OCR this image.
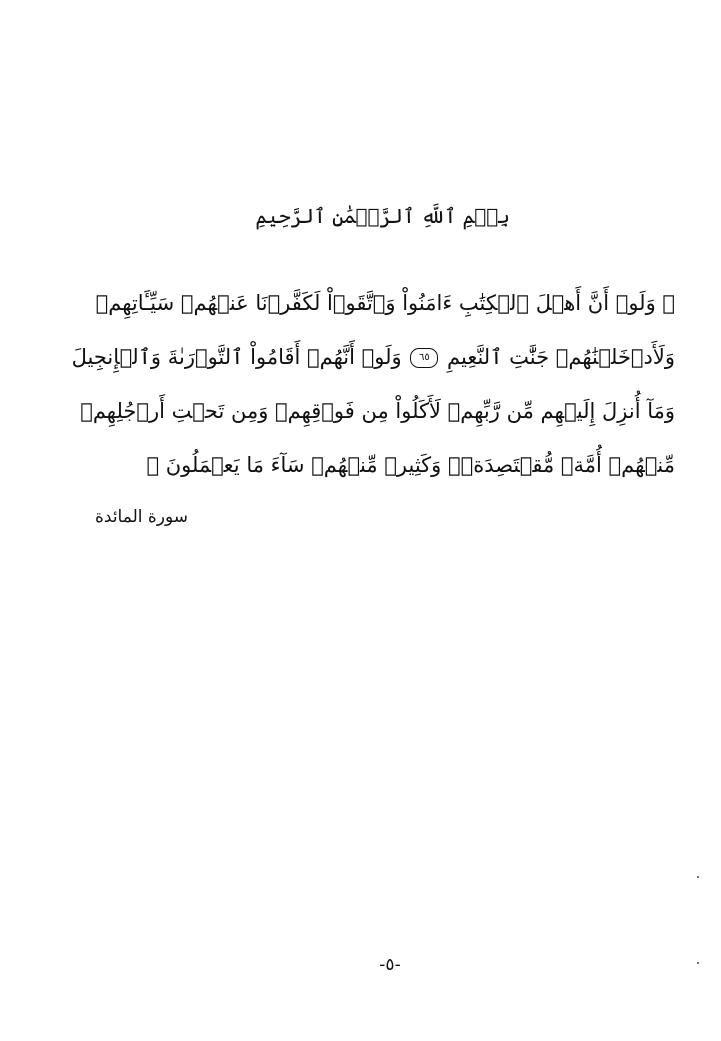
بِسۡمِ ٱللَّهِ ٱلرَّحۡمَٰنِ ٱلرَّحِيمِ
﴿ وَلَوۡ أَنَّ أَهۡلَ ٱلۡكِتَٰبِ ءَامَنُواْ وَٱتَّقَوۡاْ لَكَفَّرۡنَا عَنۡهُمۡ سَيِّـَٔاتِهِمۡ
وَلَأَدۡخَلۡنَٰهُمۡ جَنَّٰتِ ٱلنَّعِيمِ ٦٥ وَلَوۡ أَنَّهُمۡ أَقَامُواْ ٱلتَّوۡرَىٰةَ وَٱلۡإِنجِيلَ
وَمَآ أُنزِلَ إِلَيۡهِم مِّن رَّبِّهِمۡ لَأَكَلُواْ مِن فَوۡقِهِمۡ وَمِن تَحۡتِ أَرۡجُلِهِمۚ
مِّنۡهُمۡ أُمَّةٞ مُّقۡتَصِدَةٞۖ وَكَثِيرٞ مِّنۡهُمۡ سَآءَ مَا يَعۡمَلُونَ ﴾
سورة المائدة
-٥-
